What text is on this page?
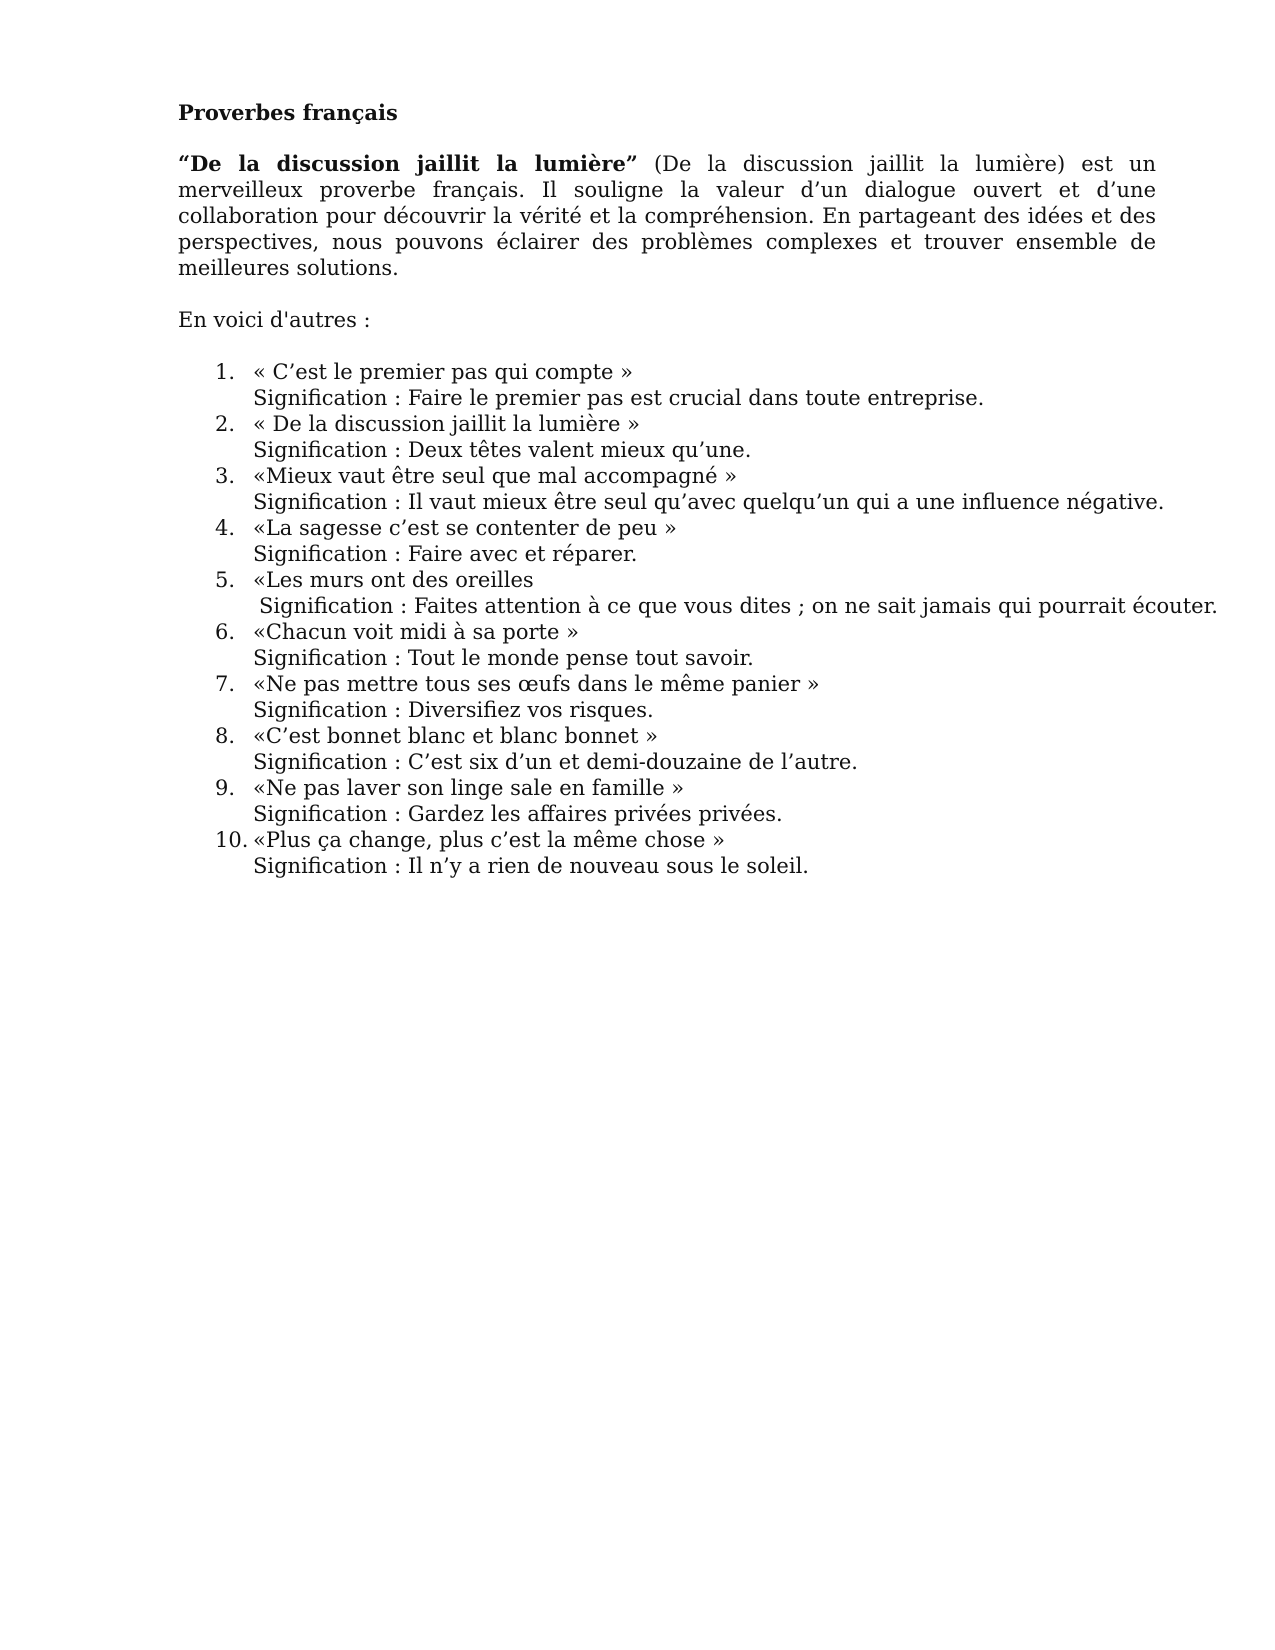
Proverbes français

“De la discussion jaillit la lumière” (De la discussion jaillit la lumière) est un merveilleux proverbe français. Il souligne la valeur d’un dialogue ouvert et d’une collaboration pour découvrir la vérité et la compréhension. En partageant des idées et des perspectives, nous pouvons éclairer des problèmes complexes et trouver ensemble de meilleures solutions.

En voici d'autres :

1. « C’est le premier pas qui compte »
Signification : Faire le premier pas est crucial dans toute entreprise.
2. « De la discussion jaillit la lumière »
Signification : Deux têtes valent mieux qu’une.
3. «Mieux vaut être seul que mal accompagné »
Signification : Il vaut mieux être seul qu’avec quelqu’un qui a une influence négative.
4. «La sagesse c’est se contenter de peu »
Signification : Faire avec et réparer.
5. «Les murs ont des oreilles
Signification : Faites attention à ce que vous dites ; on ne sait jamais qui pourrait écouter.
6. «Chacun voit midi à sa porte »
Signification : Tout le monde pense tout savoir.
7. «Ne pas mettre tous ses œufs dans le même panier »
Signification : Diversifiez vos risques.
8. «C’est bonnet blanc et blanc bonnet »
Signification : C’est six d’un et demi-douzaine de l’autre.
9. «Ne pas laver son linge sale en famille »
Signification : Gardez les affaires privées privées.
10. «Plus ça change, plus c’est la même chose »
Signification : Il n’y a rien de nouveau sous le soleil.
